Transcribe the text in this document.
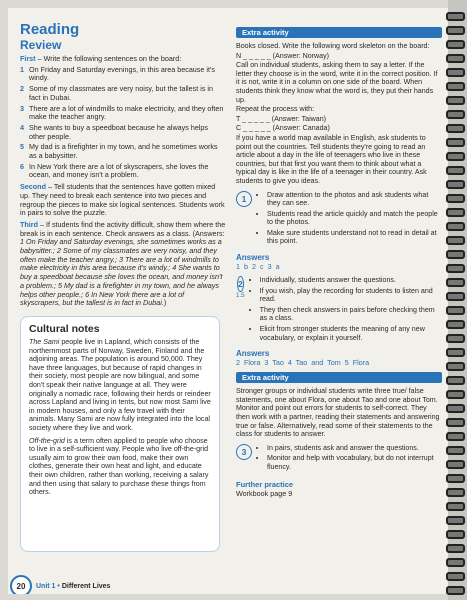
Reading
Review

First – Write the following sentences on the board:

1 On Friday and Saturday evenings, in this area because it's windy.
2 Some of my classmates are very noisy, but the tallest is in fact in Dubai.
3 There are a lot of windmills to make electricity, and they often make the teacher angry.
4 She wants to buy a speedboat because he always helps other people.
5 My dad is a firefighter in my town, and he sometimes works as a babysitter.
6 In New York there are a lot of skyscrapers, she loves the ocean, and money isn't a problem.

Second – Tell students that the sentences have gotten mixed up. They need to break each sentence into two pieces and regroup the pieces to make six logical sentences. Students work in pairs to solve the puzzle.

Third – If students find the activity difficult, show them where the break is in each sentence. Check answers as a class. (Answers: 1 On Friday and Saturday evenings, she sometimes works as a babysitter.; 2 Some of my classmates are very noisy, and they often make the teacher angry.; 3 There are a lot of windmills to make electricity in this area because it's windy.; 4 She wants to buy a speedboat because she loves the ocean, and money isn't a problem.; 5 My dad is a firefighter in my town, and he always helps other people.; 6 In New York there are a lot of skyscrapers, but the tallest is in fact in Dubai.)

Cultural notes

The Sami people live in Lapland, which consists of the northernmost parts of Norway, Sweden, Finland and the adjoining areas. The population is around 50,000. They have three languages, but because of rapid changes in their society, most people are now bilingual, and some don't speak their native language at all. They were originally a nomadic race, following their herds or reindeer across Lapland and living in tents, but now most Sami live in modern houses, and only a few travel with their animals. Many Sami are now fully integrated into the local society where they live and work.

Off-the-grid is a term often applied to people who choose to live in a self-sufficient way. People who live off-the-grid usually aim to grow their own food, make their own clothes, generate their own heat and light, and educate their own children, rather than working, receiving a salary and then using that salary to purchase these things from others.

20	Unit 1 • Different Lives
Extra activity

Books closed. Write the following word skeleton on the board:

N _ _ _ _ _ (Answer: Norway)

Call on individual students, asking them to say a letter. If the letter they choose is in the word, write it in the correct position. If it is not, write it in a column on one side of the board. When students think they know what the word is, they put their hands up.

Repeat the process with:

T _ _ _ _ _ (Answer: Taiwan)

C _ _ _ _ _ (Answer: Canada)

If you have a world map available in English, ask students to point out the countries. Tell students they're going to read an article about a day in the life of teenagers who live in these countries, but that first you want them to think about what a typical day is like in the life of a teenager in their country. Ask students to give you ideas.

1	• Draw attention to the photos and ask students what they can see.
• Students read the article quickly and match the people to the photos.
• Make sure students understand not to read in detail at this point.
Answers
1 b 2 c 3 a
2
1.5
• Individually, students answer the questions.
• If you wish, play the recording for students to listen and read.
• They then check answers in pairs before checking them as a class.
• Elicit from stronger students the meaning of any new vocabulary, or explain it yourself.
Answers
2 Flora 3 Tao 4 Tao and Tom 5 Flora
Extra activity
Stronger groups or individual students write three true/ false statements, one about Flora, one about Tao and one about Tom. Monitor and point out errors for students to self-correct. They then work with a partner, reading their statements and answering true or false. Alternatively, read some of their statements to the class for students to answer.
3	• In pairs, students ask and answer the questions.
• Monitor and help with vocabulary, but do not interrupt fluency.
Further practice
Workbook page 9
